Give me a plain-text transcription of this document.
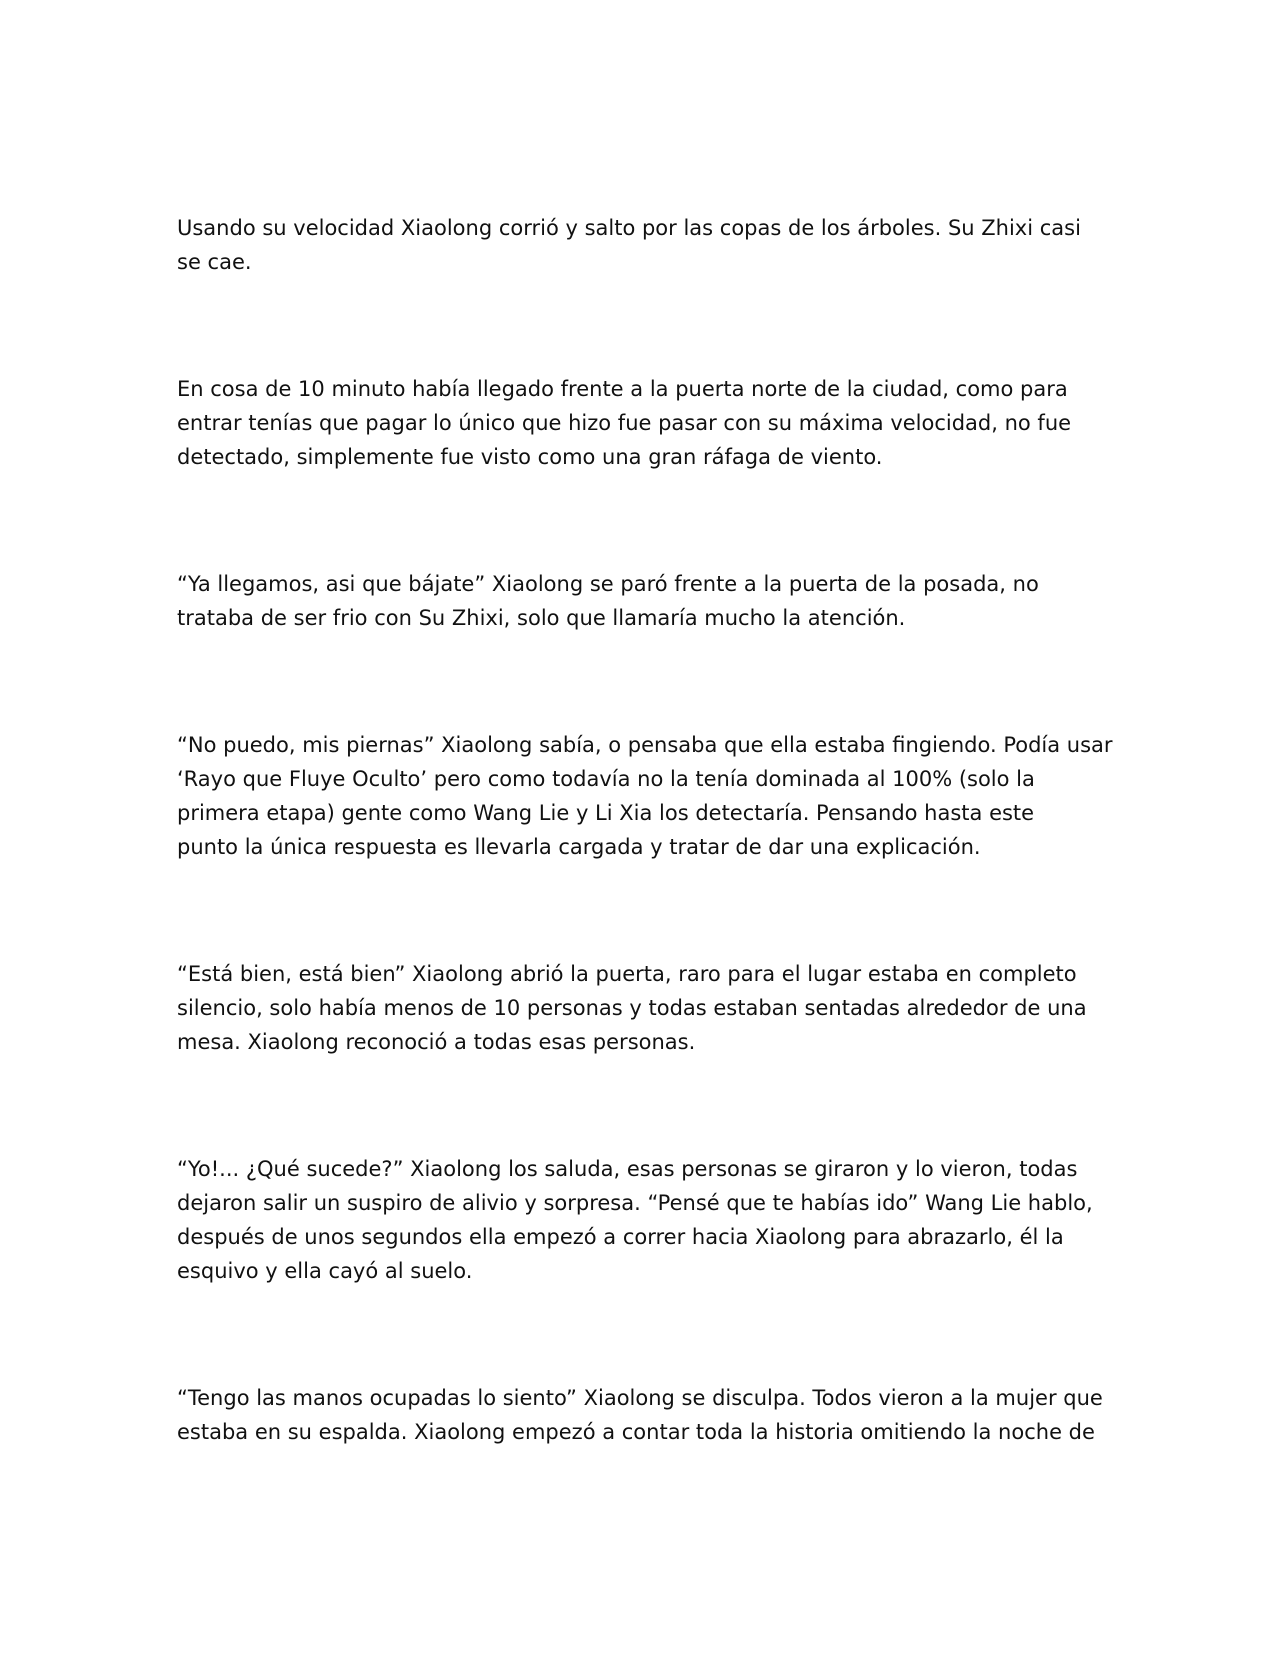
Usando su velocidad Xiaolong corrió y salto por las copas de los árboles. Su Zhixi casi
se cae.

En cosa de 10 minuto había llegado frente a la puerta norte de la ciudad, como para
entrar tenías que pagar lo único que hizo fue pasar con su máxima velocidad, no fue
detectado, simplemente fue visto como una gran ráfaga de viento.

“Ya llegamos, asi que bájate” Xiaolong se paró frente a la puerta de la posada, no
trataba de ser frio con Su Zhixi, solo que llamaría mucho la atención.

“No puedo, mis piernas” Xiaolong sabía, o pensaba que ella estaba fingiendo. Podía usar
‘Rayo que Fluye Oculto’ pero como todavía no la tenía dominada al 100% (solo la
primera etapa) gente como Wang Lie y Li Xia los detectaría. Pensando hasta este
punto la única respuesta es llevarla cargada y tratar de dar una explicación.

“Está bien, está bien” Xiaolong abrió la puerta, raro para el lugar estaba en completo
silencio, solo había menos de 10 personas y todas estaban sentadas alrededor de una
mesa. Xiaolong reconoció a todas esas personas.

“Yo!... ¿Qué sucede?” Xiaolong los saluda, esas personas se giraron y lo vieron, todas
dejaron salir un suspiro de alivio y sorpresa. “Pensé que te habías ido” Wang Lie hablo,
después de unos segundos ella empezó a correr hacia Xiaolong para abrazarlo, él la
esquivo y ella cayó al suelo.

“Tengo las manos ocupadas lo siento” Xiaolong se disculpa. Todos vieron a la mujer que
estaba en su espalda. Xiaolong empezó a contar toda la historia omitiendo la noche de
